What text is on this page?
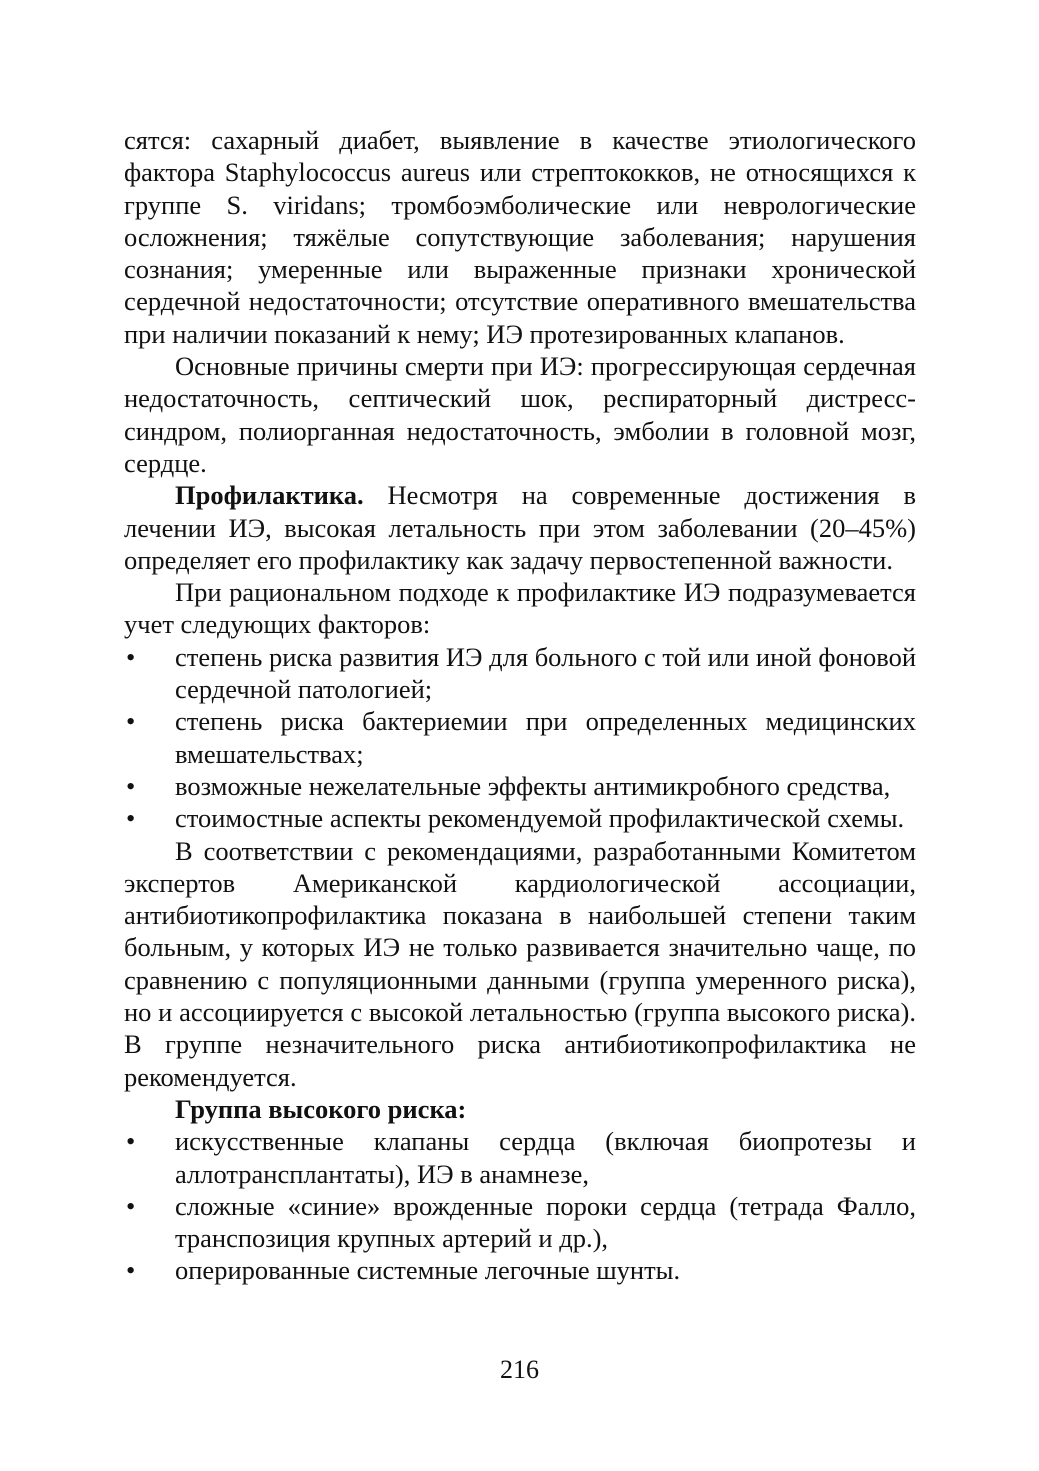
сятся: сахарный диабет, выявление в качестве этиологического фактора Staphylococcus aureus или стрептококков, не относящихся к группе S. viridans; тромбоэмболические или неврологические осложнения; тяжёлые сопутствующие заболевания; нарушения сознания; умеренные или выраженные признаки хронической сердечной недостаточности; отсутствие оперативного вмешательства при наличии показаний к нему; ИЭ протезированных клапанов.

Основные причины смерти при ИЭ: прогрессирующая сердечная недостаточность, септический шок, респираторный дистресс-синдром, полиорганная недостаточность, эмболии в головной мозг, сердце.

Профилактика. Несмотря на современные достижения в лечении ИЭ, высокая летальность при этом заболевании (20–45%) определяет его профилактику как задачу первостепенной важности.

При рациональном подходе к профилактике ИЭ подразумевается учет следующих факторов:

• степень риска развития ИЭ для больного с той или иной фоновой сердечной патологией;
• степень риска бактериемии при определенных медицинских вмешательствах;
• возможные нежелательные эффекты антимикробного средства,
• стоимостные аспекты рекомендуемой профилактической схемы.

В соответствии с рекомендациями, разработанными Комитетом экспертов Американской кардиологической ассоциации, антибиотикопрофилактика показана в наибольшей степени таким больным, у которых ИЭ не только развивается значительно чаще, по сравнению с популяционными данными (группа умеренного риска), но и ассоциируется с высокой летальностью (группа высокого риска). В группе незначительного риска антибиотикопрофилактика не рекомендуется.

Группа высокого риска:

• искусственные клапаны сердца (включая биопротезы и аллотрансплантаты), ИЭ в анамнезе,
• сложные «синие» врожденные пороки сердца (тетрада Фалло, транспозиция крупных артерий и др.),
• оперированные системные легочные шунты.
216
